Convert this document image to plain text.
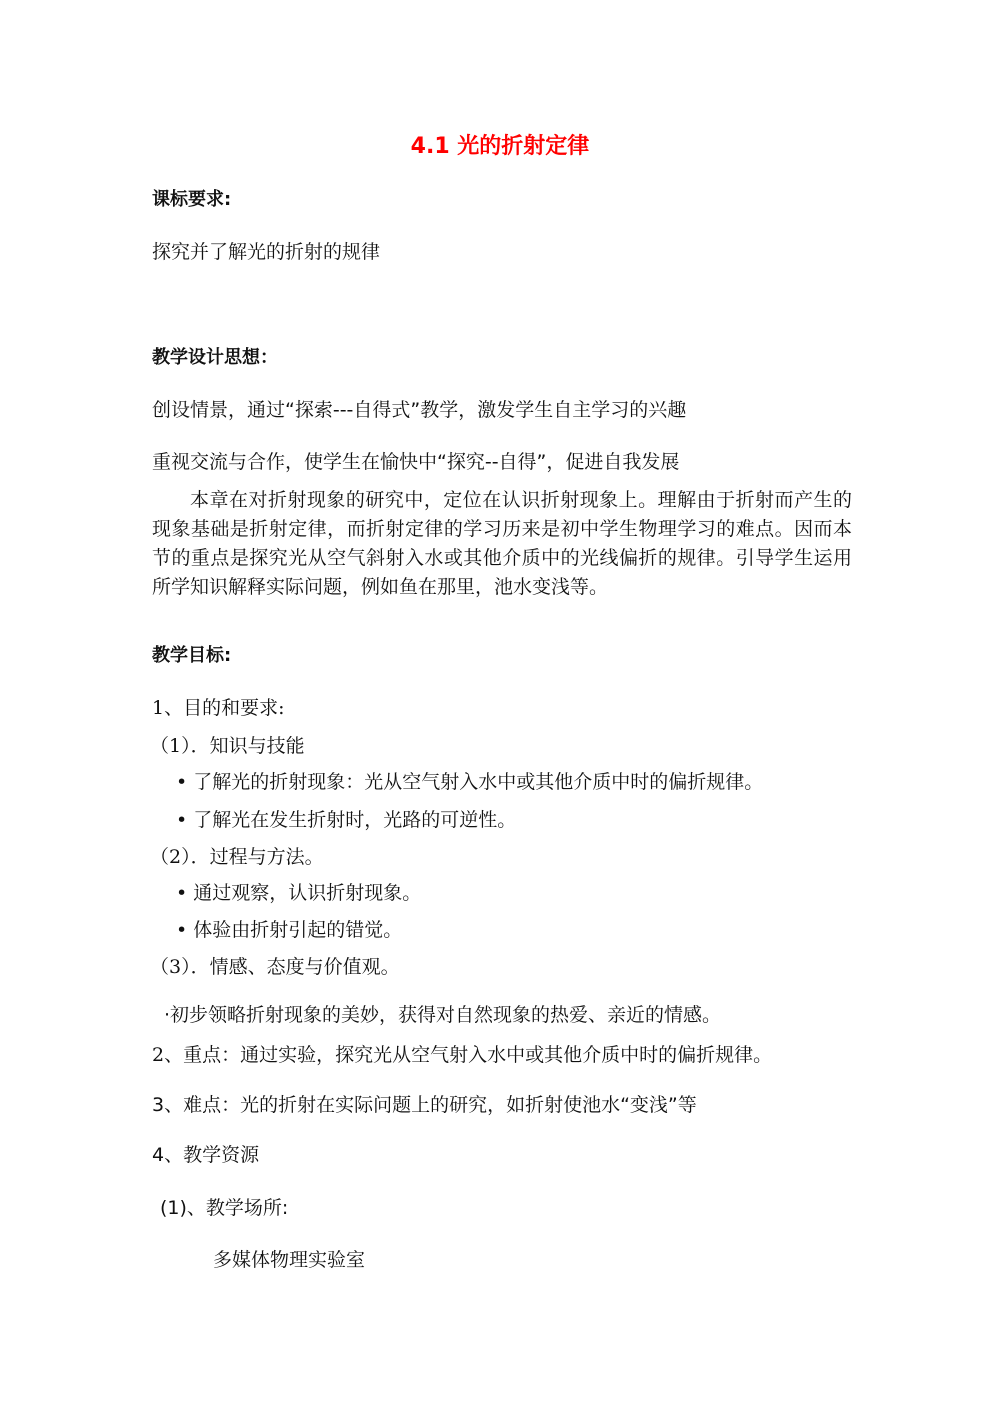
4.1 光的折射定律
课标要求:
探究并了解光的折射的规律
教学设计思想：
创设情景，通过“探索---自得式”教学，激发学生自主学习的兴趣
重视交流与合作，使学生在愉快中“探究--自得”，促进自我发展
本章在对折射现象的研究中，定位在认识折射现象上。理解由于折射而产生的现象基础是折射定律，而折射定律的学习历来是初中学生物理学习的难点。因而本节的重点是探究光从空气斜射入水或其他介质中的光线偏折的规律。引导学生运用所学知识解释实际问题，例如鱼在那里，池水变浅等。
教学目标:
1、目的和要求:
（1）．知识与技能
• 了解光的折射现象：光从空气射入水中或其他介质中时的偏折规律。
• 了解光在发生折射时，光路的可逆性。
（2）．过程与方法。
• 通过观察，认识折射现象。
• 体验由折射引起的错觉。
（3）．情感、态度与价值观。
·初步领略折射现象的美妙，获得对自然现象的热爱、亲近的情感。
2、重点：通过实验，探究光从空气射入水中或其他介质中时的偏折规律。
3、难点：光的折射在实际问题上的研究，如折射使池水“变浅”等
4、教学资源
(1)、教学场所:
多媒体物理实验室
